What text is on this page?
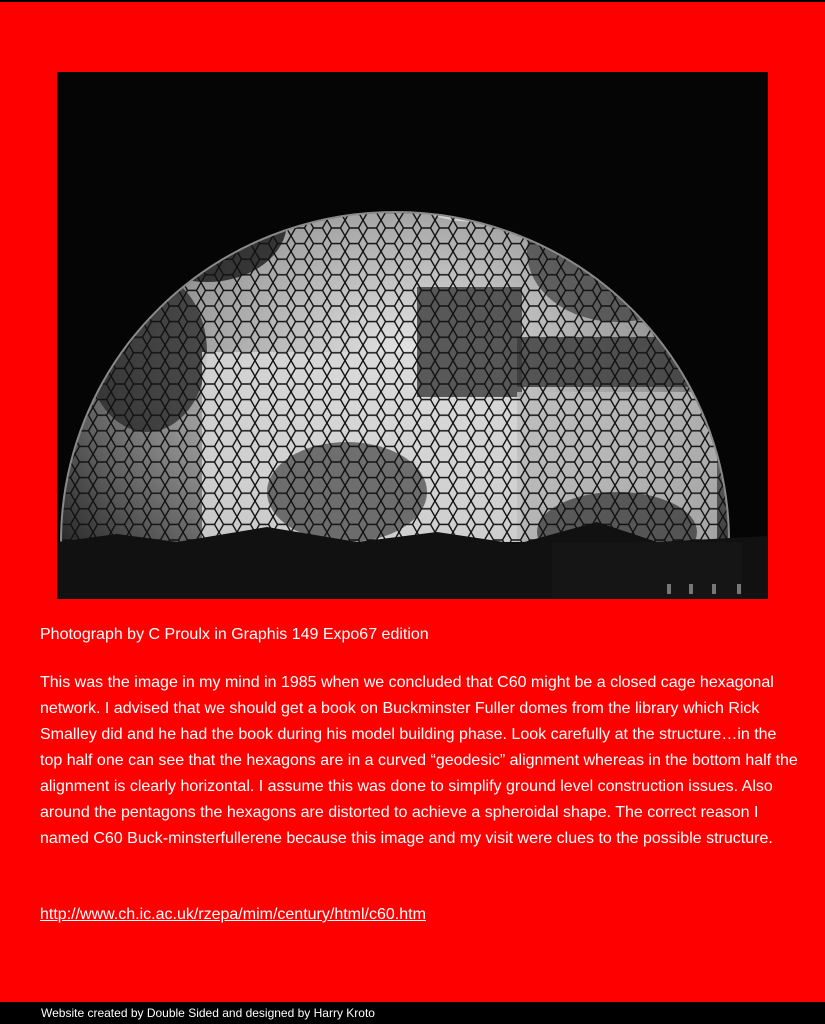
Photograph by C Proulx in Graphis 149 Expo67 edition

This was the image in my mind in 1985 when we concluded that C60 might be a closed cage hexagonal network. I advised that we should get a book on Buckminster Fuller domes from the library which Rick Smalley did and he had the book during his model building phase. Look carefully at the structure…in the top half one can see that the hexagons are in a curved “geodesic” alignment whereas in the bottom half the alignment is clearly horizontal. I assume this was done to simplify ground level construction issues. Also around the pentagons the hexagons are distorted to achieve a spheroidal shape. The correct reason I named C60 Buck-minsterfullerene because this image and my visit were clues to the possible structure.

http://www.ch.ic.ac.uk/rzepa/mim/century/html/c60.htm
Website created by Double Sided and designed by Harry Kroto
